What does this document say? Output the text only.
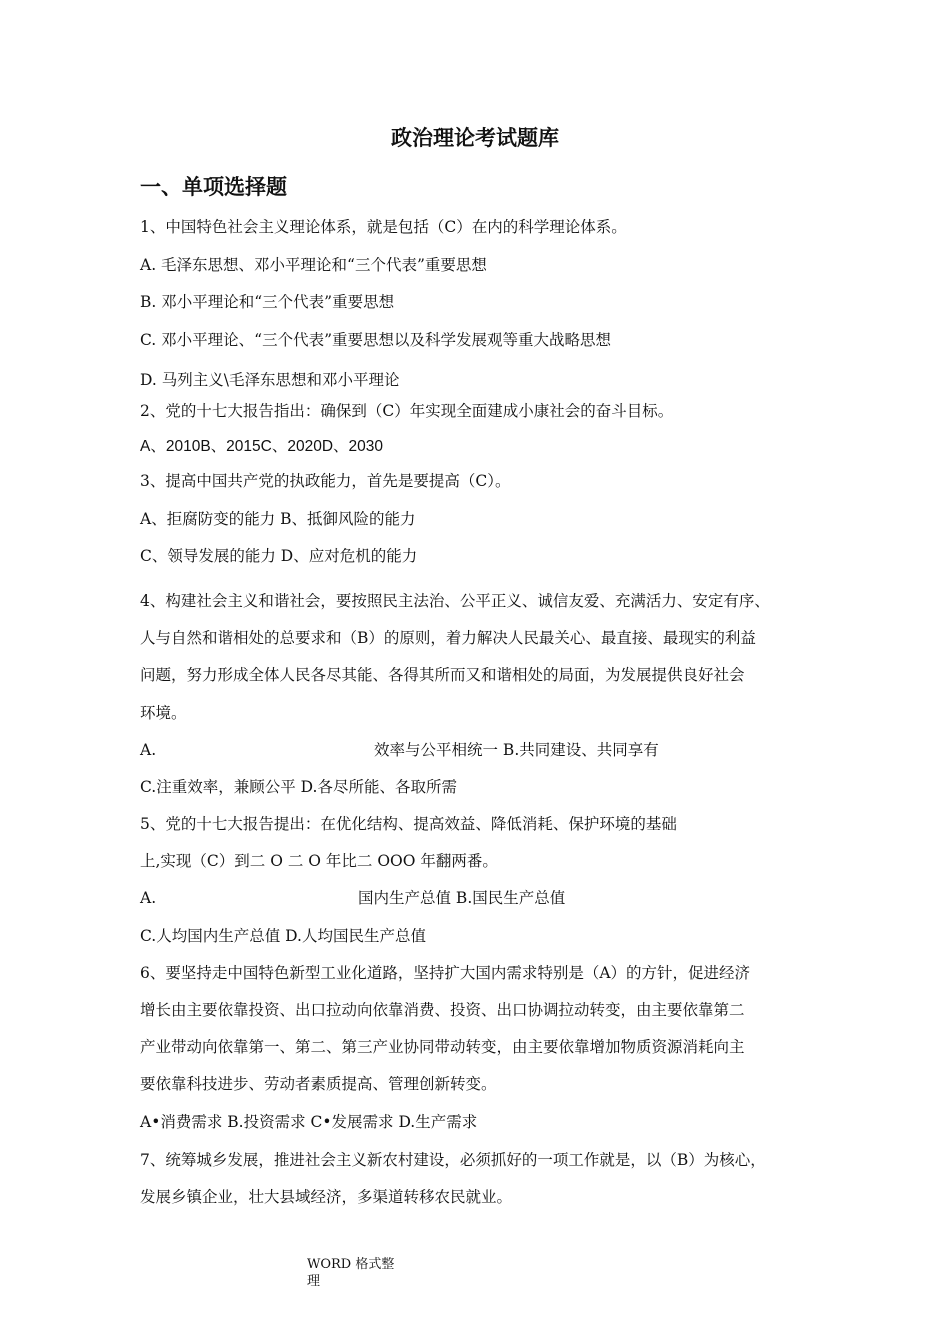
政治理论考试题库
一、单项选择题
1、中国特色社会主义理论体系，就是包括（C）在内的科学理论体系。
A. 毛泽东思想、邓小平理论和“三个代表”重要思想
B. 邓小平理论和“三个代表”重要思想
C. 邓小平理论、“三个代表”重要思想以及科学发展观等重大战略思想
D. 马列主义\毛泽东思想和邓小平理论
2、党的十七大报告指出：确保到（C）年实现全面建成小康社会的奋斗目标。
A、2010B、2015C、2020D、2030
3、提高中国共产党的执政能力，首先是要提高（C）。
A、拒腐防变的能力 B、抵御风险的能力
C、领导发展的能力 D、应对危机的能力
4、构建社会主义和谐社会，要按照民主法治、公平正义、诚信友爱、充满活力、安定有序、
人与自然和谐相处的总要求和（B）的原则，着力解决人民最关心、最直接、最现实的利益
问题，努力形成全体人民各尽其能、各得其所而又和谐相处的局面，为发展提供良好社会
环境。
A.	效率与公平相统一 B.共同建设、共同享有
C.注重效率，兼顾公平 D.各尽所能、各取所需
5、党的十七大报告提出：在优化结构、提高效益、降低消耗、保护环境的基础
上,实现（C）到二 O 二 O 年比二 OOO 年翻两番。
A.	国内生产总值 B.国民生产总值
C.人均国内生产总值 D.人均国民生产总值
6、要坚持走中国特色新型工业化道路，坚持扩大国内需求特别是（A）的方针，促进经济
增长由主要依靠投资、出口拉动向依靠消费、投资、出口协调拉动转变，由主要依靠第二
产业带动向依靠第一、第二、第三产业协同带动转变，由主要依靠增加物质资源消耗向主
要依靠科技进步、劳动者素质提高、管理创新转变。
A•消费需求 B.投资需求 C•发展需求 D.生产需求
7、统筹城乡发展，推进社会主义新农村建设，必须抓好的一项工作就是，以（B）为核心，
发展乡镇企业，壮大县域经济，多渠道转移农民就业。
WORD 格式整
理
